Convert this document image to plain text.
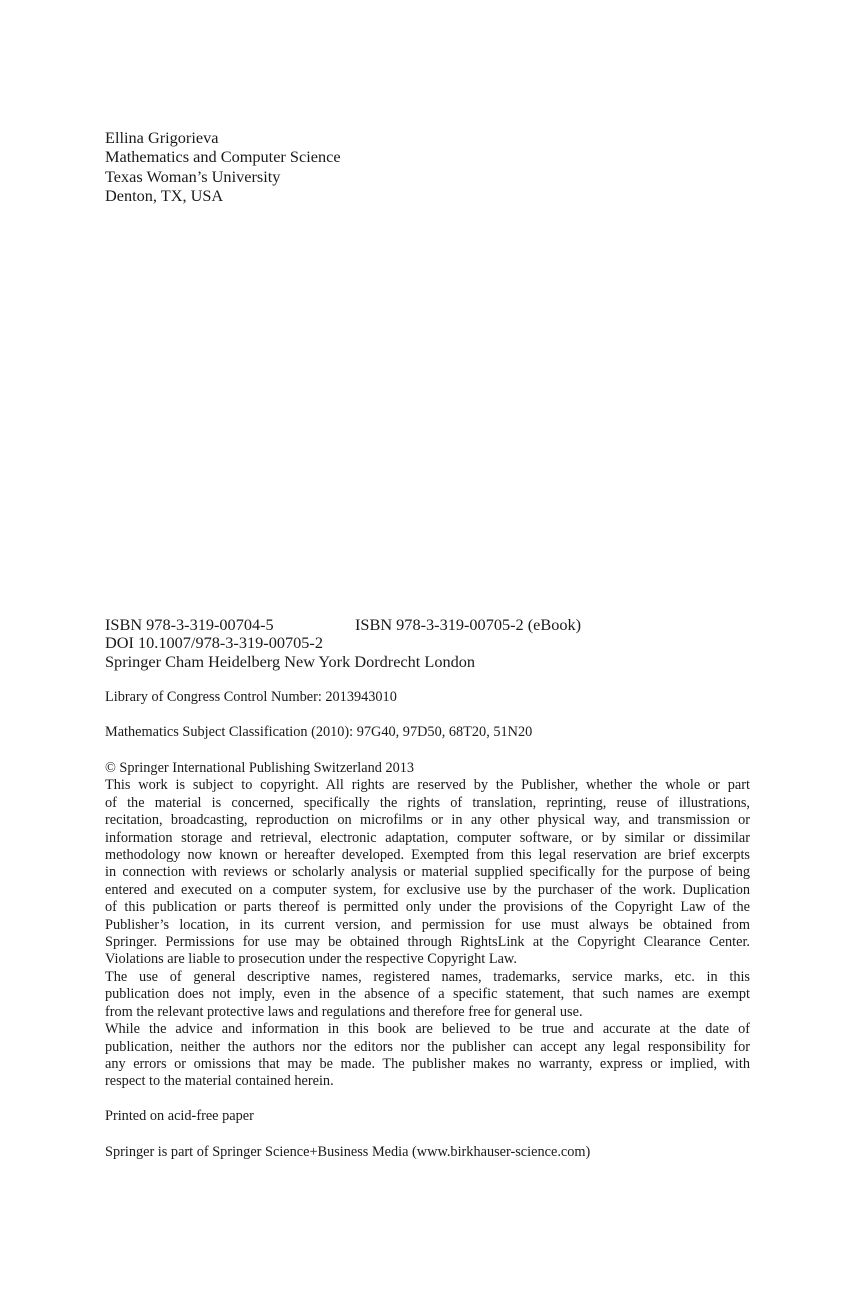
Ellina Grigorieva
Mathematics and Computer Science
Texas Woman’s University
Denton, TX, USA
ISBN 978-3-319-00704-5	ISBN 978-3-319-00705-2 (eBook)
DOI 10.1007/978-3-319-00705-2
Springer Cham Heidelberg New York Dordrecht London
Library of Congress Control Number: 2013943010
Mathematics Subject Classification (2010): 97G40, 97D50, 68T20, 51N20
© Springer International Publishing Switzerland 2013
This work is subject to copyright. All rights are reserved by the Publisher, whether the whole or part
of the material is concerned, specifically the rights of translation, reprinting, reuse of illustrations,
recitation, broadcasting, reproduction on microfilms or in any other physical way, and transmission or
information storage and retrieval, electronic adaptation, computer software, or by similar or dissimilar
methodology now known or hereafter developed. Exempted from this legal reservation are brief excerpts
in connection with reviews or scholarly analysis or material supplied specifically for the purpose of being
entered and executed on a computer system, for exclusive use by the purchaser of the work. Duplication
of this publication or parts thereof is permitted only under the provisions of the Copyright Law of the
Publisher’s location, in its current version, and permission for use must always be obtained from
Springer. Permissions for use may be obtained through RightsLink at the Copyright Clearance Center.
Violations are liable to prosecution under the respective Copyright Law.
The use of general descriptive names, registered names, trademarks, service marks, etc. in this
publication does not imply, even in the absence of a specific statement, that such names are exempt
from the relevant protective laws and regulations and therefore free for general use.
While the advice and information in this book are believed to be true and accurate at the date of
publication, neither the authors nor the editors nor the publisher can accept any legal responsibility for
any errors or omissions that may be made. The publisher makes no warranty, express or implied, with
respect to the material contained herein.
Printed on acid-free paper
Springer is part of Springer Science+Business Media (www.birkhauser-science.com)
